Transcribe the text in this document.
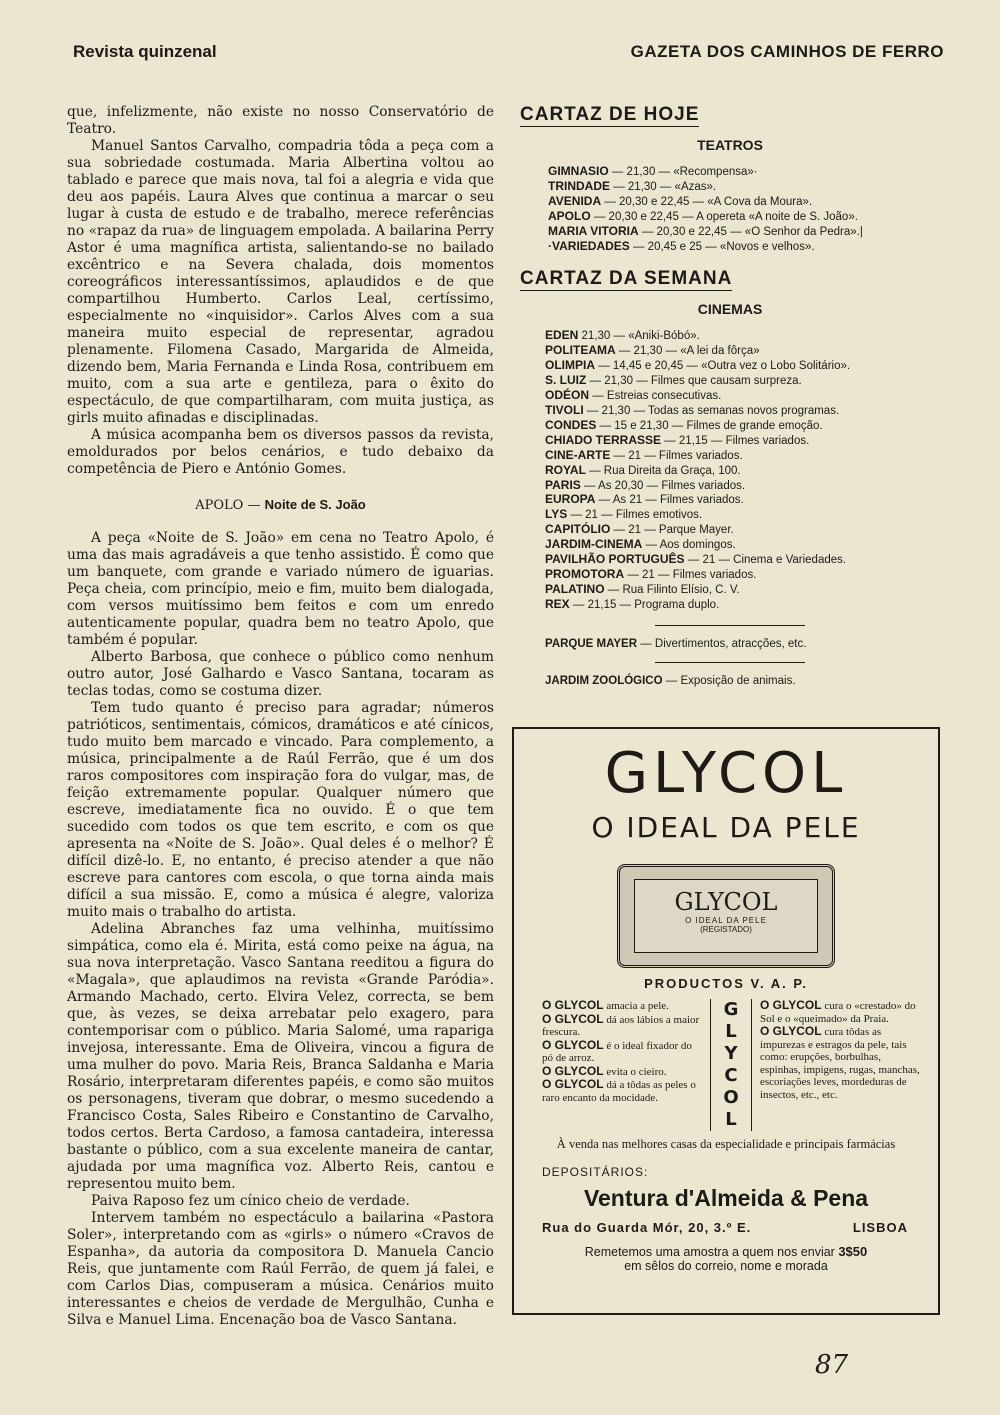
Revista quinzenal	GAZETA DOS CAMINHOS DE FERRO

que, infelizmente, não existe no nosso Conservatório de Teatro.

Manuel Santos Carvalho, compadria tôda a peça com a sua sobriedade costumada. Maria Albertina voltou ao tablado e parece que mais nova, tal foi a alegria e vida que deu aos papéis. Laura Alves que continua a marcar o seu lugar à custa de estudo e de trabalho, merece referências no «rapaz da rua» de linguagem empolada. A bailarina Perry Astor é uma magnífica artista, salientando-se no bailado excêntrico e na Severa chalada, dois momentos coreográficos interessantíssimos, aplaudidos e de que compartilhou Humberto. Carlos Leal, certíssimo, especialmente no «inquisidor». Carlos Alves com a sua maneira muito especial de representar, agradou plenamente. Filomena Casado, Margarida de Almeida, dizendo bem, Maria Fernanda e Linda Rosa, contribuem em muito, com a sua arte e gentileza, para o êxito do espectáculo, de que compartilharam, com muita justiça, as girls muito afinadas e disciplinadas.

A música acompanha bem os diversos passos da revista, emoldurados por belos cenários, e tudo debaixo da competência de Piero e António Gomes.

APOLO — Noite de S. João

A peça «Noite de S. João» em cena no Teatro Apolo, é uma das mais agradáveis a que tenho assistido. É como que um banquete, com grande e variado número de iguarias. Peça cheia, com princípio, meio e fim, muito bem dialogada, com versos muitíssimo bem feitos e com um enredo autenticamente popular, quadra bem no teatro Apolo, que também é popular.

Alberto Barbosa, que conhece o público como nenhum outro autor, José Galhardo e Vasco Santana, tocaram as teclas todas, como se costuma dizer.

Tem tudo quanto é preciso para agradar; números patrióticos, sentimentais, cómicos, dramáticos e até cínicos, tudo muito bem marcado e vincado. Para complemento, a música, principalmente a de Raúl Ferrão, que é um dos raros compositores com inspiração fora do vulgar, mas, de feição extremamente popular. Qualquer número que escreve, imediatamente fica no ouvido. É o que tem sucedido com todos os que tem escrito, e com os que apresenta na «Noite de S. João». Qual deles é o melhor? É difícil dizê-lo. E, no entanto, é preciso atender a que não escreve para cantores com escola, o que torna ainda mais difícil a sua missão. E, como a música é alegre, valoriza muito mais o trabalho do artista.

Adelina Abranches faz uma velhinha, muitíssimo simpática, como ela é. Mirita, está como peixe na água, na sua nova interpretação. Vasco Santana reeditou a figura do «Magala», que aplaudimos na revista «Grande Paródia». Armando Machado, certo. Elvira Velez, correcta, se bem que, às vezes, se deixa arrebatar pelo exagero, para contemporisar com o público. Maria Salomé, uma rapariga invejosa, interessante. Ema de Oliveira, vincou a figura de uma mulher do povo. Maria Reis, Branca Saldanha e Maria Rosário, interpretaram diferentes papéis, e como são muitos os personagens, tiveram que dobrar, o mesmo sucedendo a Francisco Costa, Sales Ribeiro e Constantino de Carvalho, todos certos. Berta Cardoso, a famosa cantadeira, interessa bastante o público, com a sua excelente maneira de cantar, ajudada por uma magnífica voz. Alberto Reis, cantou e representou muito bem.

Paiva Raposo fez um cínico cheio de verdade.

Intervem também no espectáculo a bailarina «Pastora Soler», interpretando com as «girls» o número «Cravos de Espanha», da autoria da compositora D. Manuela Cancio Reis, que juntamente com Raúl Ferrão, de quem já falei, e com Carlos Dias, compuseram a música. Cenários muito interessantes e cheios de verdade de Mergulhão, Cunha e Silva e Manuel Lima. Encenação boa de Vasco Santana.

CARTAZ DE HOJE
TEATROS
GIMNASIO — 21,30 — «Recompensa»·
TRINDADE — 21,30 — «Azas».
AVENIDA — 20,30 e 22,45 — «A Cova da Moura».
APOLO — 20,30 e 22,45 — A opereta «A noite de S. João».
MARIA VITORIA — 20,30 e 22,45 — «O Senhor da Pedra».|
·VARIEDADES — 20,45 e 25 — «Novos e velhos».
CARTAZ DA SEMANA
CINEMAS
EDEN 21,30 — «Aniki-Bóbó».
POLITEAMA — 21,30 — «A lei da fôrça»
OLIMPIA — 14,45 e 20,45 — «Outra vez o Lobo Solitário».
S. LUIZ — 21,30 — Filmes que causam surpreza.
ODÉON — Estreias consecutivas.
TIVOLI — 21,30 — Todas as semanas novos programas.
CONDES — 15 e 21,30 — Filmes de grande emoção.
CHIADO TERRASSE — 21,15 — Filmes variados.
CINE-ARTE — 21 — Filmes variados.
ROYAL — Rua Direita da Graça, 100.
PARIS — As 20,30 — Filmes variados.
EUROPA — As 21 — Filmes variados.
LYS — 21 — Filmes emotivos.
CAPITÓLIO — 21 — Parque Mayer.
JARDIM-CINEMA — Aos domingos.
PAVILHÃO PORTUGUÊS — 21 — Cinema e Variedades.
PROMOTORA — 21 — Filmes variados.
PALATINO — Rua Filinto Elísio, C. V.
REX — 21,15 — Programa duplo.

PARQUE MAYER — Divertimentos, atracções, etc.

JARDIM ZOOLÓGICO — Exposição de animais.

GLYCOL
O IDEAL DA PELE
GLYCOL
O IDEAL DA PELE
(REGISTADO)
PRODUCTOS V. A. P.

O GLYCOL amacia a pele.

O GLYCOL dá aos lábios a maior frescura.

O GLYCOL é o ideal fixador do pó de arroz.

O GLYCOL evita o cieiro.

O GLYCOL dá a tôdas as peles o raro encanto da mocidade.

G
L
Y
C
O
L

O GLYCOL cura o «crestado» do Sol e o «queimado» da Praia.

O GLYCOL cura tôdas as impurezas e estragos da pele, tais como: erupções, borbulhas, espinhas, impigens, rugas, manchas, escoriações leves, mordeduras de insectos, etc., etc.

À venda nas melhores casas da especialidade e principais farmácias
DEPOSITÁRIOS:
Ventura d'Almeida & Pena
Rua do Guarda Mór, 20, 3.º E.	LISBOA
Remetemos uma amostra a quem nos enviar 3$50
em sêlos do correio, nome e morada
87
